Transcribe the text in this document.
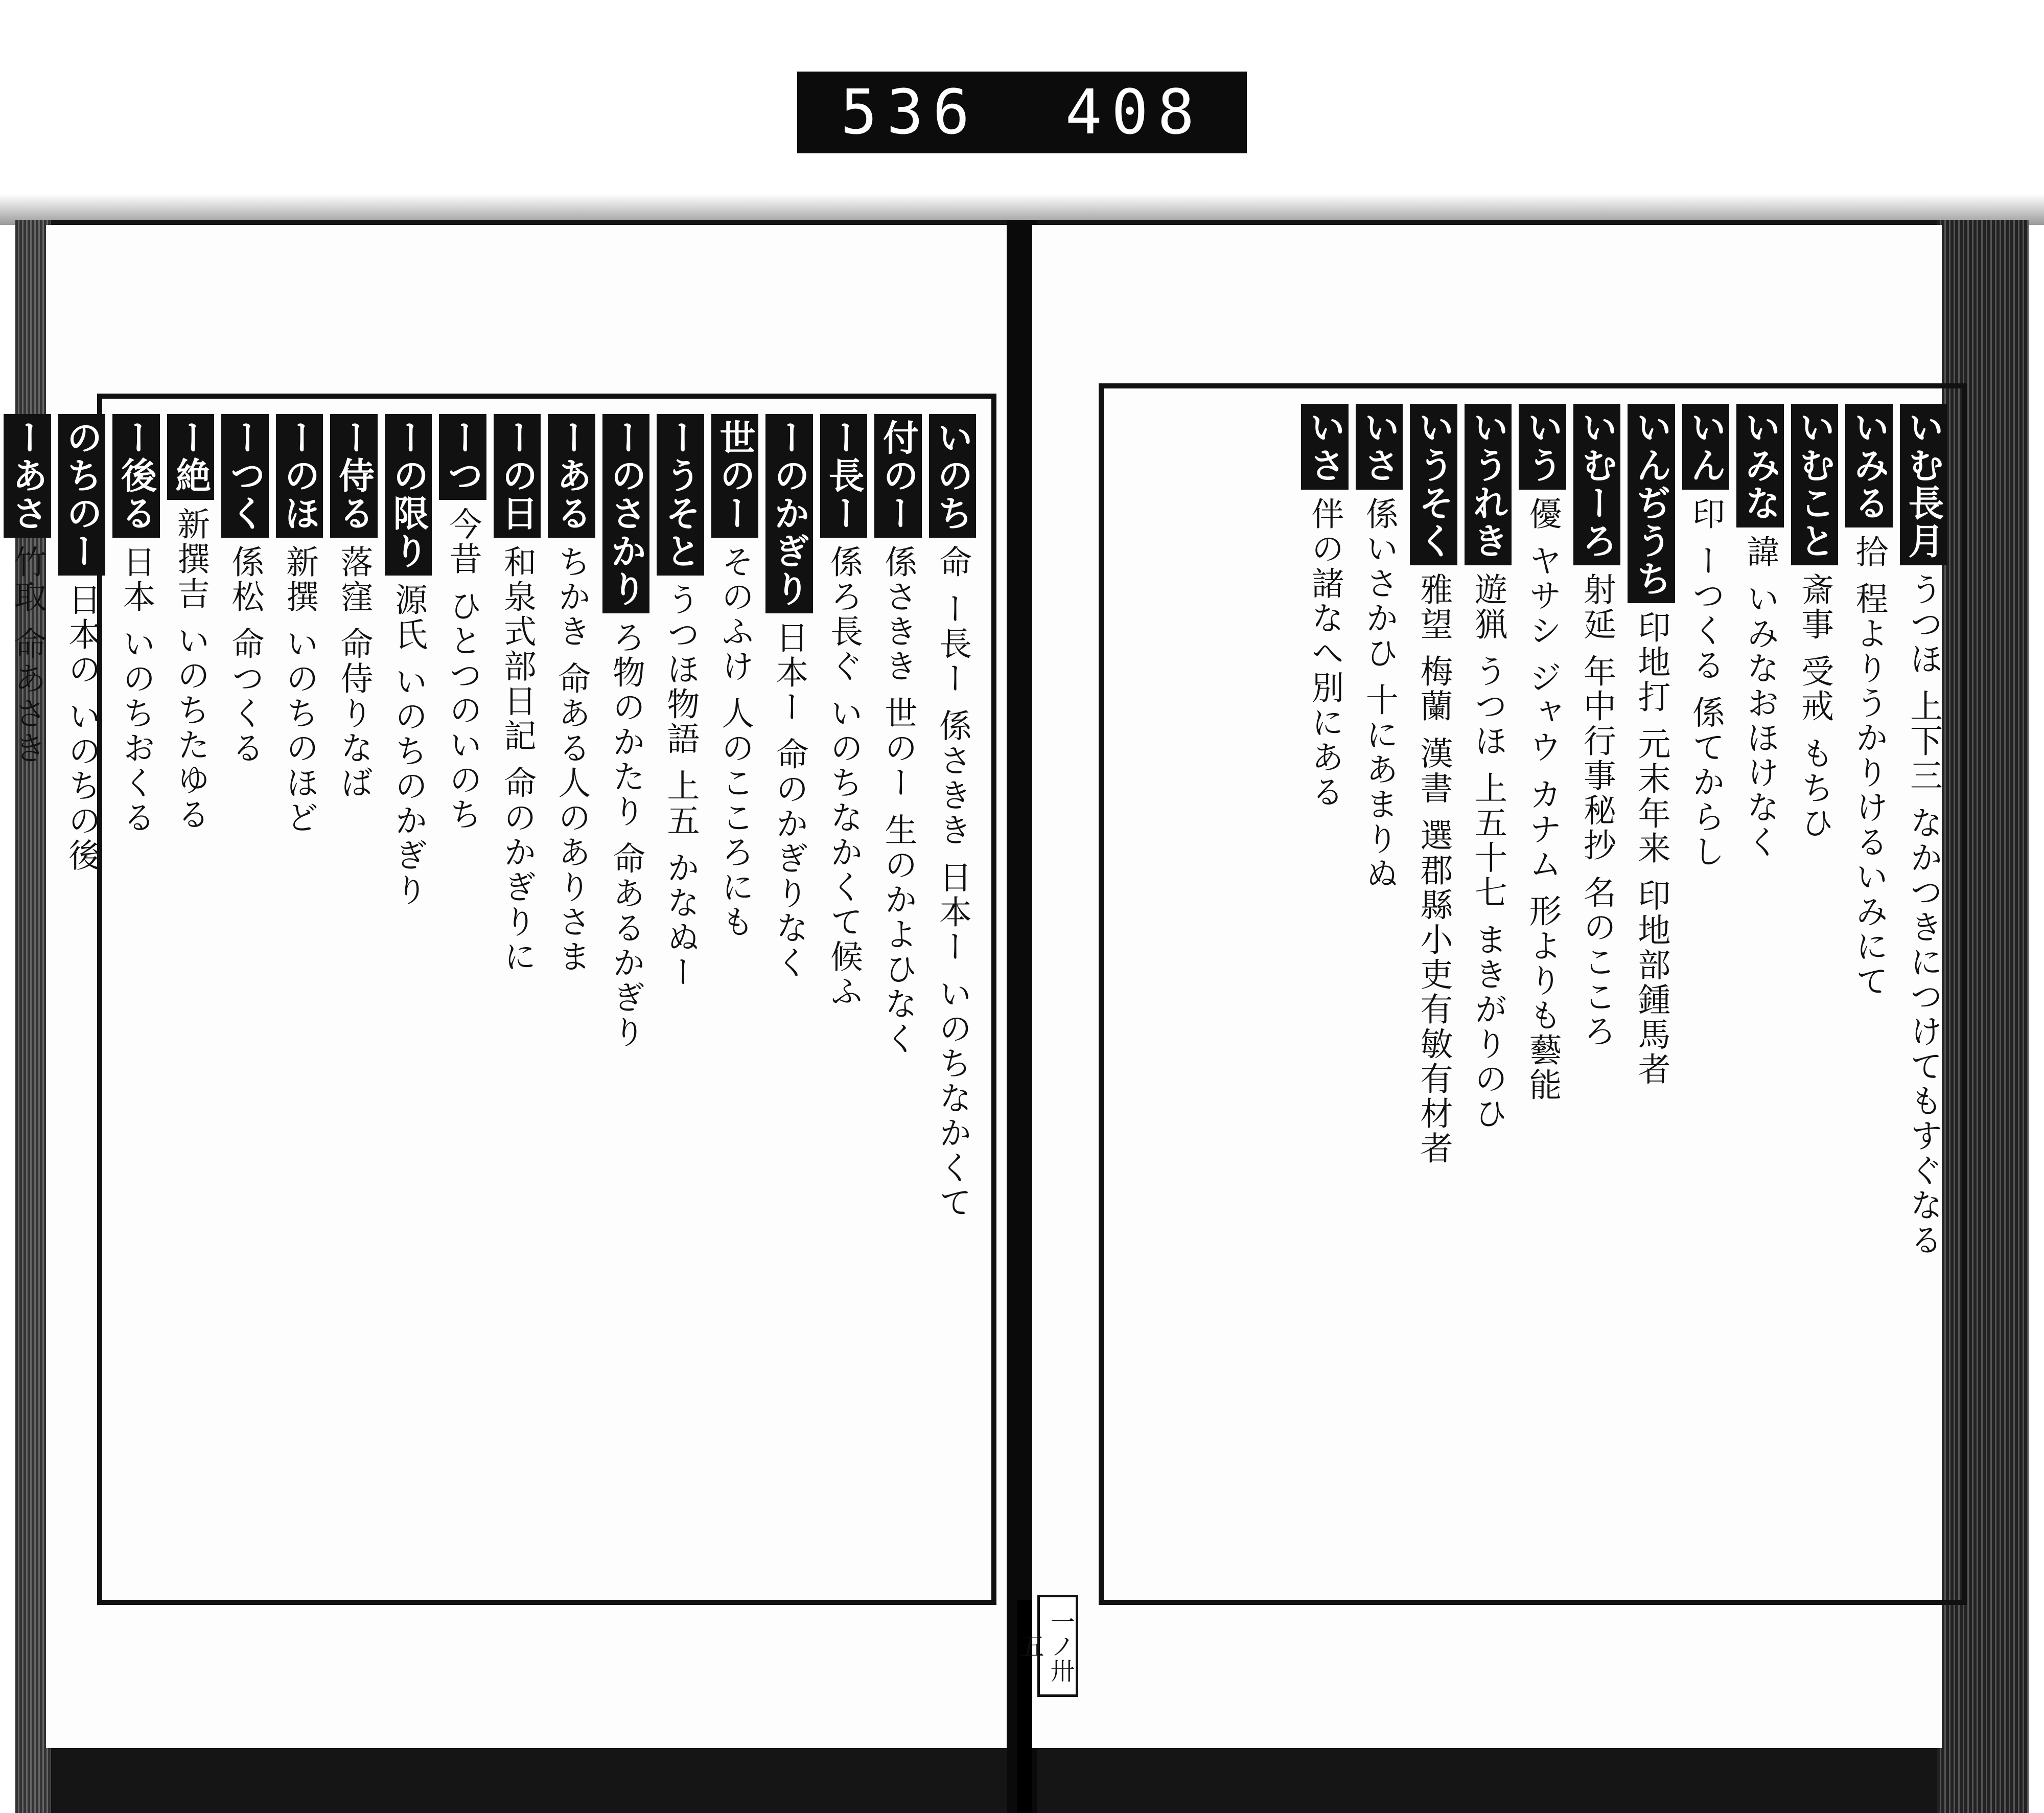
536 408
いのち命 ー長ー 係さきき 日本ー いのちなかくて
付のー係さきき 世のー 生のかよひなく
ー長ー係ろ長ぐ いのちなかくて候ふ
ーのかぎり日本ー 命のかぎりなく
世のーそのふけ 人のこころにも
ーうそとうつほ物語 上五 かなぬー
ーのさかりろ物のかたり 命あるかぎり
ーあるちかき 命ある人のありさま
ーの日和泉式部日記 命のかぎりに
ーつ今昔 ひとつのいのち
ーの限り源氏 いのちのかぎり
ー侍る落窪 命侍りなば
ーのほ新撰 いのちのほど
ーつく係松 命つくる
ー絶新撰吉 いのちたゆる
ー後る日本 いのちおくる
のちのー日本の いのちの後
ーあさ竹取 命あさき
いむ長月うつほ 上下三 なかつきにつけてもすぐなる
いみる拾 程よりうかりけるいみにて
いむこと斎事 受戒 もちひ
いみな諱 いみなおほけなく
いん印 ーつくる 係てからし
いんぢうち印地打 元末年来 印地部鍾馬者
いむーろ射延 年中行事秘抄 名のこころ
いう優 ヤサシ ジャウ カナム 形よりも藝能
いうれき遊猟 うつほ 上五十七 まきがりのひ
いうそく雅望 梅蘭 漢書 選郡縣小吏有敏有材者
いさ係いさかひ 十にあまりぬ
いさ伴の諸なへ別にある
一ノ卅五
